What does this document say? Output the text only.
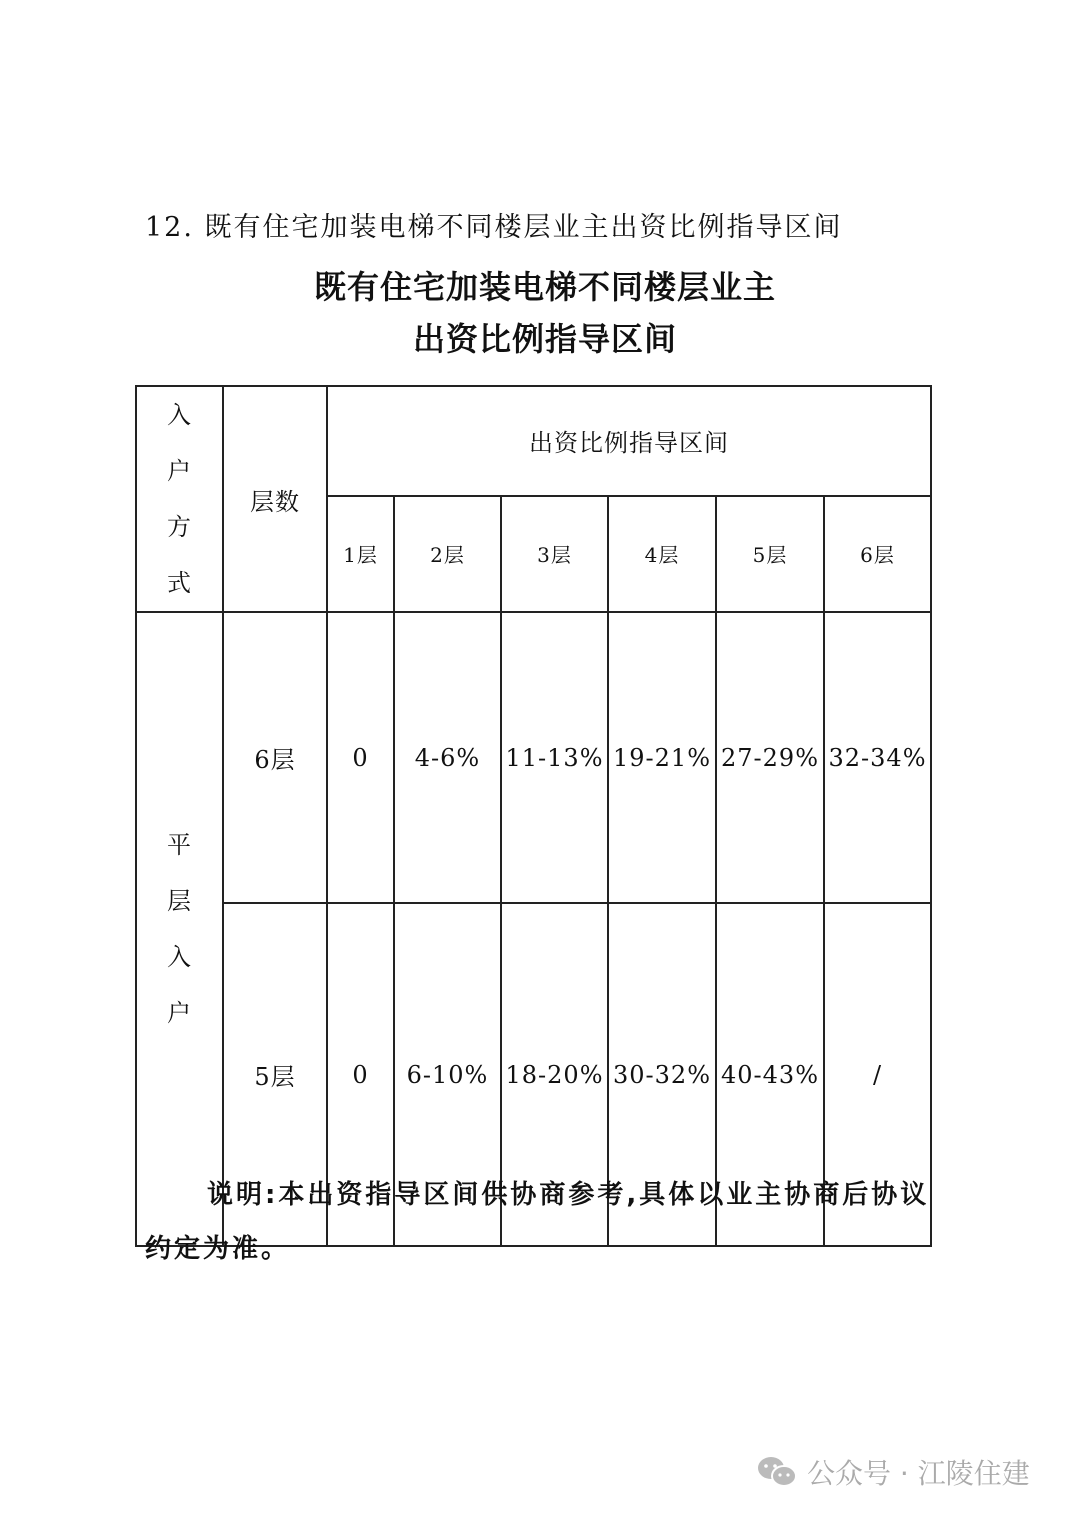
12. 既有住宅加装电梯不同楼层业主出资比例指导区间
既有住宅加装电梯不同楼层业主
出资比例指导区间
入户方式	层数	出资比例指导区间					
		1层	2层	3层	4层	5层	6层
平层入户	6层	0	4-6%	11-13%	19-21%	27-29%	32-34%
	5层	0	6-10%	18-20%	30-32%	40-43%	/
说明:本出资指导区间供协商参考,具体以业主协商后协议约定为准。
公众号 · 江陵住建
